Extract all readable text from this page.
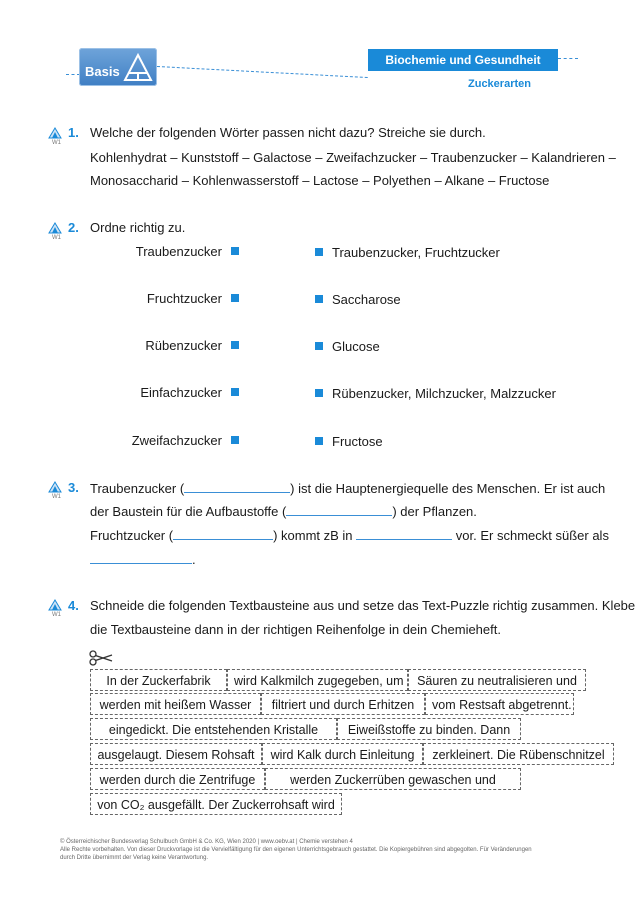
Basis
Biochemie und Gesundheit
Zuckerarten
W1
1. Welche der folgenden Wörter passen nicht dazu? Streiche sie durch.
Kohlenhydrat – Kunststoff – Galactose – Zweifachzucker – Traubenzucker – Kalandrieren –
Monosaccharid – Kohlenwasserstoff – Lactose – Polyethen – Alkane – Fructose
W1
2. Ordne richtig zu.
Traubenzucker
Fruchtzucker
Rübenzucker
Einfachzucker
Zweifachzucker
Traubenzucker, Fruchtzucker
Saccharose
Glucose
Rübenzucker, Milchzucker, Malzzucker
Fructose
W1
3. Traubenzucker (	) ist die Hauptenergiequelle des Menschen. Er ist auch
der Baustein für die Aufbaustoffe (	) der Pflanzen.
Fruchtzucker (	) kommt zB in	vor. Er schmeckt süßer als
.
W1
4. Schneide die folgenden Textbausteine aus und setze das Text-Puzzle richtig zusammen. Klebe
die Textbausteine dann in der richtigen Reihenfolge in dein Chemieheft.
In der Zuckerfabrik	wird Kalkmilch zugegeben, um	Säuren zu neutralisieren und
werden mit heißem Wasser	filtriert und durch Erhitzen	vom Restsaft abgetrennt.
eingedickt. Die entstehenden Kristalle	Eiweißstoffe zu binden. Dann
ausgelaugt. Diesem Rohsaft	wird Kalk durch Einleitung	zerkleinert. Die Rübenschnitzel
werden durch die Zentrifuge	werden Zuckerrüben gewaschen und
von CO₂ ausgefällt. Der Zuckerrohsaft wird
© Österreichischer Bundesverlag Schulbuch GmbH & Co. KG, Wien 2020 | www.oebv.at | Chemie verstehen 4
Alle Rechte vorbehalten. Von dieser Druckvorlage ist die Vervielfältigung für den eigenen Unterrichtsgebrauch gestattet. Die Kopiergebühren sind abgegolten. Für Veränderungen
durch Dritte übernimmt der Verlag keine Verantwortung.
